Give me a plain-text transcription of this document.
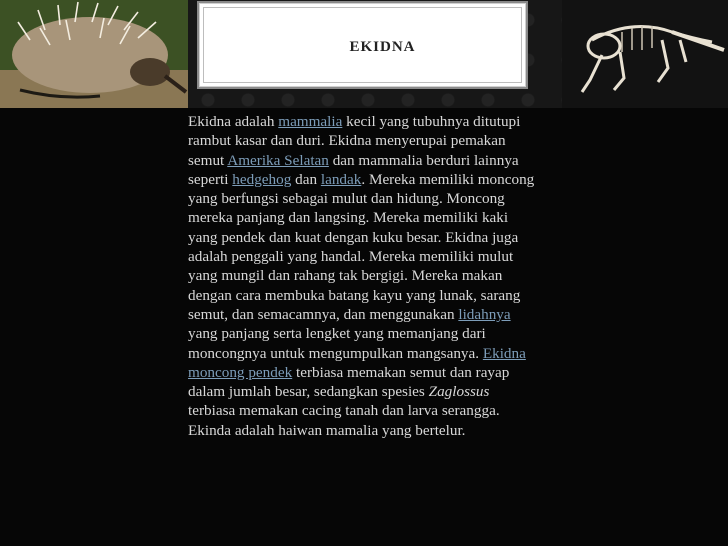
EKIDNA
Ekidna adalah mammalia kecil yang tubuhnya ditutupi rambut kasar dan duri. Ekidna menyerupai pemakan semut Amerika Selatan dan mammalia berduri lainnya seperti hedgehog dan landak. Mereka memiliki moncong yang berfungsi sebagai mulut dan hidung. Moncong mereka panjang dan langsing. Mereka memiliki kaki yang pendek dan kuat dengan kuku besar. Ekidna juga adalah penggali yang handal. Mereka memiliki mulut yang mungil dan rahang tak bergigi. Mereka makan dengan cara membuka batang kayu yang lunak, sarang semut, dan semacamnya, dan menggunakan lidahnya yang panjang serta lengket yang memanjang dari moncongnya untuk mengumpulkan mangsanya. Ekidna moncong pendek terbiasa memakan semut dan rayap dalam jumlah besar, sedangkan spesies Zaglossus terbiasa memakan cacing tanah dan larva serangga. Ekinda adalah haiwan mamalia yang bertelur.
